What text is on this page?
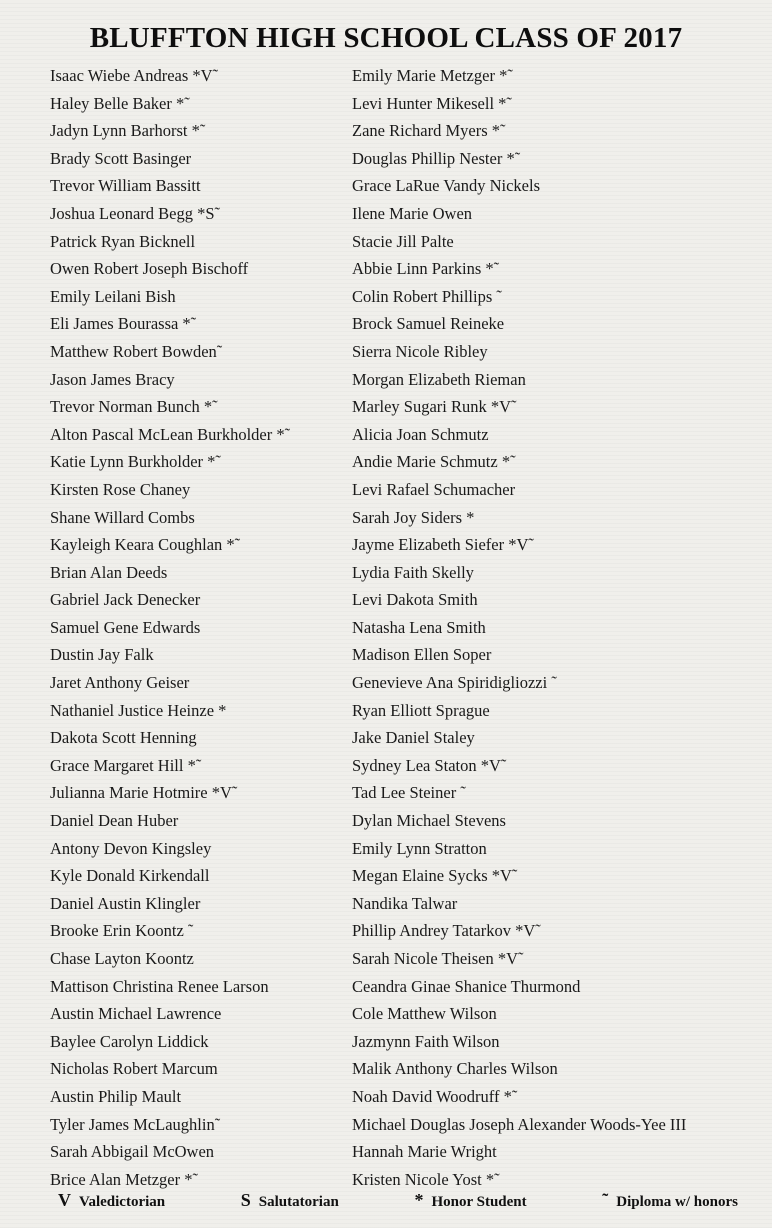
BLUFFTON HIGH SCHOOL CLASS OF 2017
Isaac Wiebe Andreas *V˜
Haley Belle Baker *˜
Jadyn Lynn Barhorst *˜
Brady Scott Basinger
Trevor William Bassitt
Joshua Leonard Begg *S˜
Patrick Ryan Bicknell
Owen Robert Joseph Bischoff
Emily Leilani Bish
Eli James Bourassa *˜
Matthew Robert Bowden˜
Jason James Bracy
Trevor Norman Bunch *˜
Alton Pascal McLean Burkholder *˜
Katie Lynn Burkholder *˜
Kirsten Rose Chaney
Shane Willard Combs
Kayleigh Keara Coughlan *˜
Brian Alan Deeds
Gabriel Jack Denecker
Samuel Gene Edwards
Dustin Jay Falk
Jaret Anthony Geiser
Nathaniel Justice Heinze *
Dakota Scott Henning
Grace Margaret Hill *˜
Julianna Marie Hotmire *V˜
Daniel Dean Huber
Antony Devon Kingsley
Kyle Donald Kirkendall
Daniel Austin Klingler
Brooke Erin Koontz ˜
Chase Layton Koontz
Mattison Christina Renee Larson
Austin Michael Lawrence
Baylee Carolyn Liddick
Nicholas Robert Marcum
Austin Philip Mault
Tyler James McLaughlin˜
Sarah Abbigail McOwen
Brice Alan Metzger *˜
Emily Marie Metzger *˜
Levi Hunter Mikesell *˜
Zane Richard Myers *˜
Douglas Phillip Nester *˜
Grace LaRue Vandy Nickels
Ilene Marie Owen
Stacie Jill Palte
Abbie Linn Parkins *˜
Colin Robert Phillips ˜
Brock Samuel Reineke
Sierra Nicole Ribley
Morgan Elizabeth Rieman
Marley Sugari Runk *V˜
Alicia Joan Schmutz
Andie Marie Schmutz *˜
Levi Rafael Schumacher
Sarah Joy Siders *
Jayme Elizabeth Siefer *V˜
Lydia Faith Skelly
Levi Dakota Smith
Natasha Lena Smith
Madison Ellen Soper
Genevieve Ana Spiridigliozzi ˜
Ryan Elliott Sprague
Jake Daniel Staley
Sydney Lea Staton *V˜
Tad Lee Steiner ˜
Dylan Michael Stevens
Emily Lynn Stratton
Megan Elaine Sycks *V˜
Nandika Talwar
Phillip Andrey Tatarkov *V˜
Sarah Nicole Theisen *V˜
Ceandra Ginae Shanice Thurmond
Cole Matthew Wilson
Jazmynn Faith Wilson
Malik Anthony Charles Wilson
Noah David Woodruff *˜
Michael Douglas Joseph Alexander Woods-Yee III
Hannah Marie Wright
Kristen Nicole Yost *˜
V Valedictorian	S Salutatorian	* Honor Student	˜ Diploma w/ honors
